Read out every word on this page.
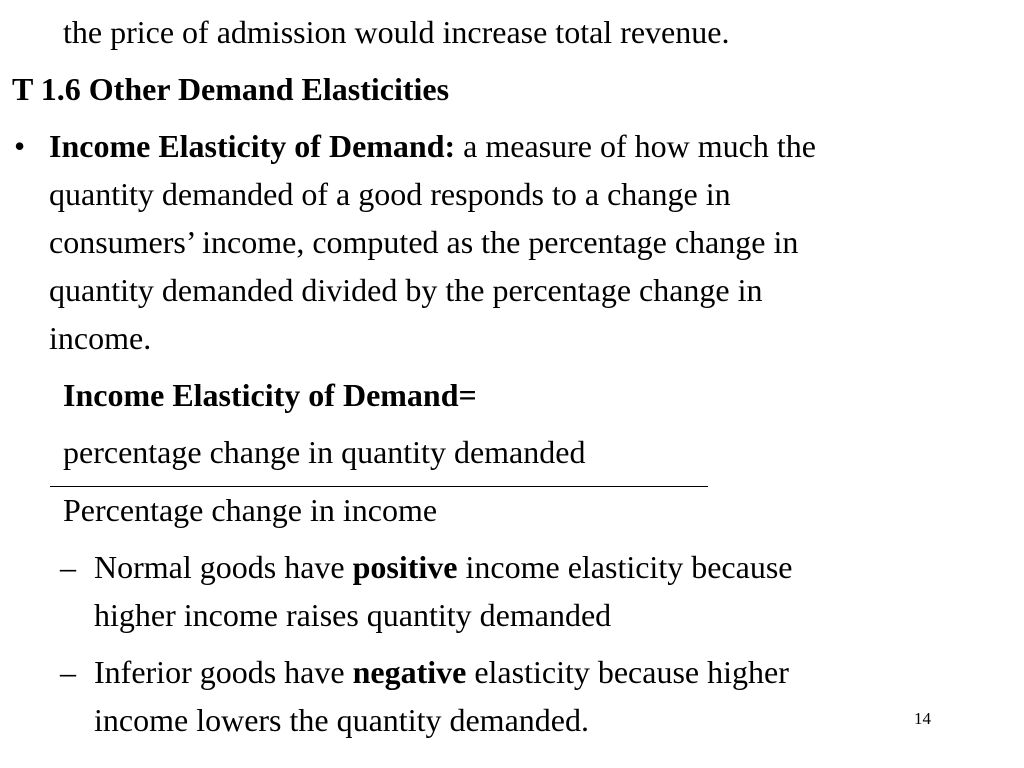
the price of admission would increase total revenue.
T 1.6 Other Demand Elasticities
• Income Elasticity of Demand: a measure of how much the
quantity demanded of a good responds to a change in
consumers’ income, computed as the percentage change in
quantity demanded divided by the percentage change in
income.
Income Elasticity of Demand=
percentage change in quantity demanded
Percentage change in income
– Normal goods have positive income elasticity because
higher income raises quantity demanded
– Inferior goods have negative elasticity because higher
income lowers the quantity demanded.	14
